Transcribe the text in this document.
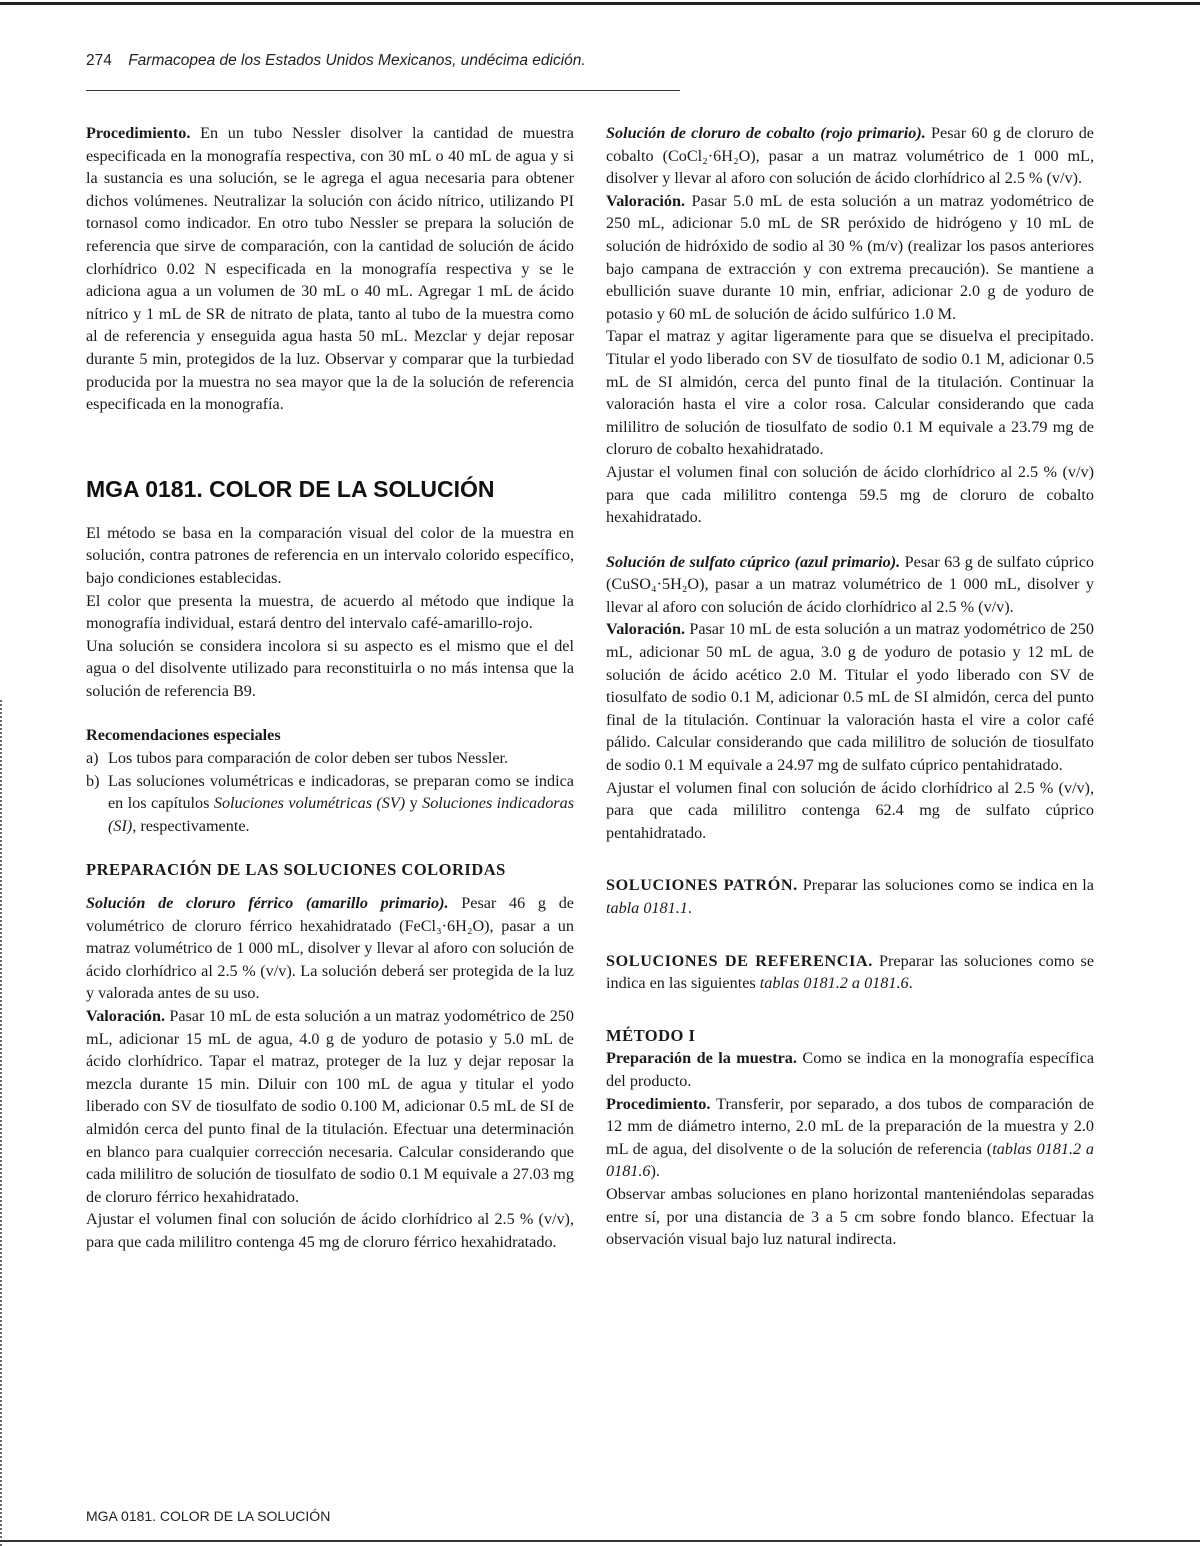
274 Farmacopea de los Estados Unidos Mexicanos, undécima edición.

Procedimiento. En un tubo Nessler disolver la cantidad de muestra especificada en la monografía respectiva, con 30 mL o 40 mL de agua y si la sustancia es una solución, se le agrega el agua necesaria para obtener dichos volúmenes. Neutralizar la solución con ácido nítrico, utilizando PI tornasol como indicador. En otro tubo Nessler se prepara la solución de referencia que sirve de comparación, con la cantidad de solución de ácido clorhídrico 0.02 N especificada en la monografía respectiva y se le adiciona agua a un volumen de 30 mL o 40 mL. Agregar 1 mL de ácido nítrico y 1 mL de SR de nitrato de plata, tanto al tubo de la muestra como al de referencia y enseguida agua hasta 50 mL. Mezclar y dejar reposar durante 5 min, protegidos de la luz. Observar y comparar que la turbiedad producida por la muestra no sea mayor que la de la solución de referencia especificada en la monografía.

MGA 0181. COLOR DE LA SOLUCIÓN

El método se basa en la comparación visual del color de la muestra en solución, contra patrones de referencia en un intervalo colorido específico, bajo condiciones establecidas.

El color que presenta la muestra, de acuerdo al método que indique la monografía individual, estará dentro del intervalo café-amarillo-rojo.

Una solución se considera incolora si su aspecto es el mismo que el del agua o del disolvente utilizado para reconstituirla o no más intensa que la solución de referencia B9.

Recomendaciones especiales

a) Los tubos para comparación de color deben ser tubos Nessler.
b) Las soluciones volumétricas e indicadoras, se preparan como se indica en los capítulos Soluciones volumétricas (SV) y Soluciones indicadoras (SI), respectivamente.

PREPARACIÓN DE LAS SOLUCIONES COLORIDAS

Solución de cloruro férrico (amarillo primario). Pesar 46 g de volumétrico de cloruro férrico hexahidratado (FeCl₃·6H₂O), pasar a un matraz volumétrico de 1 000 mL, disolver y llevar al aforo con solución de ácido clorhídrico al 2.5 % (v/v). La solución deberá ser protegida de la luz y valorada antes de su uso.

Valoración. Pasar 10 mL de esta solución a un matraz yodométrico de 250 mL, adicionar 15 mL de agua, 4.0 g de yoduro de potasio y 5.0 mL de ácido clorhídrico. Tapar el matraz, proteger de la luz y dejar reposar la mezcla durante 15 min. Diluir con 100 mL de agua y titular el yodo liberado con SV de tiosulfato de sodio 0.100 M, adicionar 0.5 mL de SI de almidón cerca del punto final de la titulación. Efectuar una determinación en blanco para cualquier corrección necesaria. Calcular considerando que cada mililitro de solución de tiosulfato de sodio 0.1 M equivale a 27.03 mg de cloruro férrico hexahidratado.

Ajustar el volumen final con solución de ácido clorhídrico al 2.5 % (v/v), para que cada mililitro contenga 45 mg de cloruro férrico hexahidratado.

Solución de cloruro de cobalto (rojo primario). Pesar 60 g de cloruro de cobalto (CoCl₂·6H₂O), pasar a un matraz volumétrico de 1 000 mL, disolver y llevar al aforo con solución de ácido clorhídrico al 2.5 % (v/v).

Valoración. Pasar 5.0 mL de esta solución a un matraz yodométrico de 250 mL, adicionar 5.0 mL de SR peróxido de hidrógeno y 10 mL de solución de hidróxido de sodio al 30 % (m/v) (realizar los pasos anteriores bajo campana de extracción y con extrema precaución). Se mantiene a ebullición suave durante 10 min, enfriar, adicionar 2.0 g de yoduro de potasio y 60 mL de solución de ácido sulfúrico 1.0 M.

Tapar el matraz y agitar ligeramente para que se disuelva el precipitado. Titular el yodo liberado con SV de tiosulfato de sodio 0.1 M, adicionar 0.5 mL de SI almidón, cerca del punto final de la titulación. Continuar la valoración hasta el vire a color rosa. Calcular considerando que cada mililitro de solución de tiosulfato de sodio 0.1 M equivale a 23.79 mg de cloruro de cobalto hexahidratado.

Ajustar el volumen final con solución de ácido clorhídrico al 2.5 % (v/v) para que cada mililitro contenga 59.5 mg de cloruro de cobalto hexahidratado.

Solución de sulfato cúprico (azul primario). Pesar 63 g de sulfato cúprico (CuSO₄·5H₂O), pasar a un matraz volumétrico de 1 000 mL, disolver y llevar al aforo con solución de ácido clorhídrico al 2.5 % (v/v).

Valoración. Pasar 10 mL de esta solución a un matraz yodométrico de 250 mL, adicionar 50 mL de agua, 3.0 g de yoduro de potasio y 12 mL de solución de ácido acético 2.0 M. Titular el yodo liberado con SV de tiosulfato de sodio 0.1 M, adicionar 0.5 mL de SI almidón, cerca del punto final de la titulación. Continuar la valoración hasta el vire a color café pálido. Calcular considerando que cada mililitro de solución de tiosulfato de sodio 0.1 M equivale a 24.97 mg de sulfato cúprico pentahidratado.

Ajustar el volumen final con solución de ácido clorhídrico al 2.5 % (v/v), para que cada mililitro contenga 62.4 mg de sulfato cúprico pentahidratado.

SOLUCIONES PATRÓN. Preparar las soluciones como se indica en la tabla 0181.1.

SOLUCIONES DE REFERENCIA. Preparar las soluciones como se indica en las siguientes tablas 0181.2 a 0181.6.

MÉTODO I

Preparación de la muestra. Como se indica en la monografía específica del producto.

Procedimiento. Transferir, por separado, a dos tubos de comparación de 12 mm de diámetro interno, 2.0 mL de la preparación de la muestra y 2.0 mL de agua, del disolvente o de la solución de referencia (tablas 0181.2 a 0181.6).

Observar ambas soluciones en plano horizontal manteniéndolas separadas entre sí, por una distancia de 3 a 5 cm sobre fondo blanco. Efectuar la observación visual bajo luz natural indirecta.

MGA 0181. COLOR DE LA SOLUCIÓN
